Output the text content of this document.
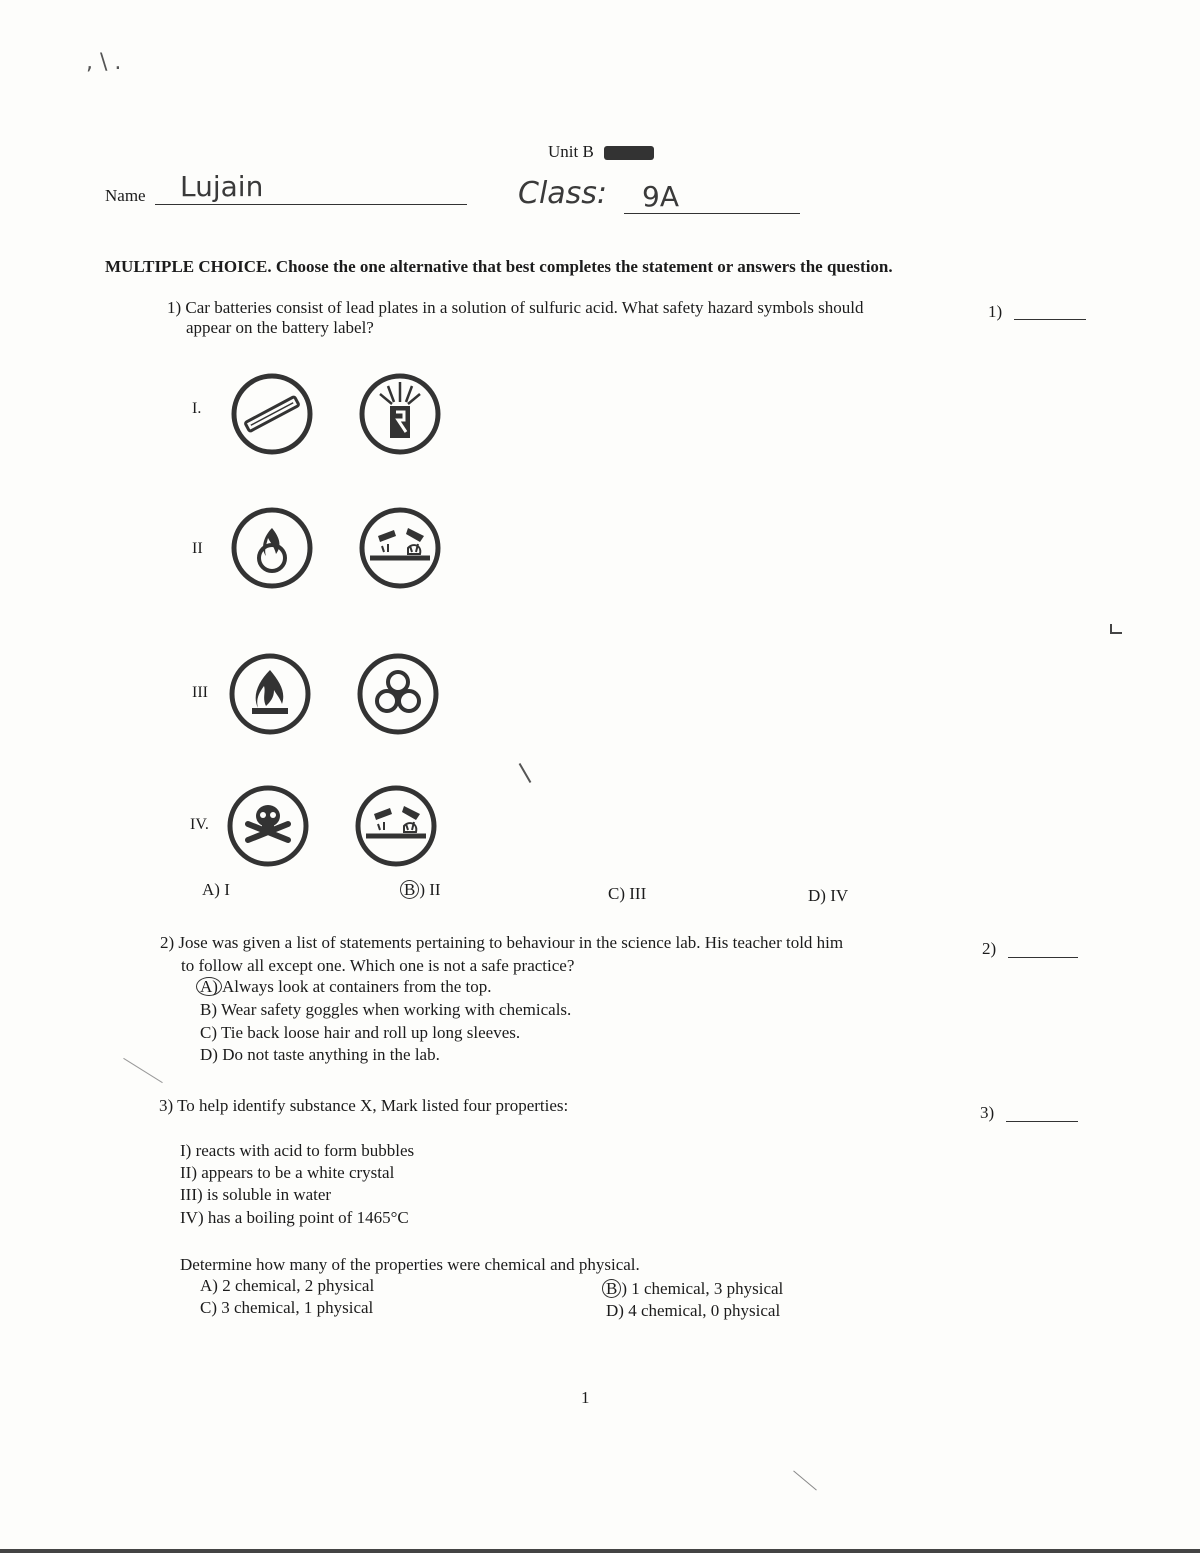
, \ .
Unit B
Name Lujain	Class: 9A
MULTIPLE CHOICE. Choose the one alternative that best completes the statement or answers the question.
1) Car batteries consist of lead plates in a solution of sulfuric acid. What safety hazard symbols should
appear on the battery label?
1)
I.
II
III
IV.
A) I	B ) II	C) III	D) IV
2) Jose was given a list of statements pertaining to behaviour in the science lab. His teacher told him
to follow all except one. Which one is not a safe practice?
2)
A) Always look at containers from the top.
B) Wear safety goggles when working with chemicals.
C) Tie back loose hair and roll up long sleeves.
D) Do not taste anything in the lab.
3) To help identify substance X, Mark listed four properties:	3)
I) reacts with acid to form bubbles
II) appears to be a white crystal
III) is soluble in water
IV) has a boiling point of 1465°C
Determine how many of the properties were chemical and physical.
A) 2 chemical, 2 physical
C) 3 chemical, 1 physical
B ) 1 chemical, 3 physical
D) 4 chemical, 0 physical
1
